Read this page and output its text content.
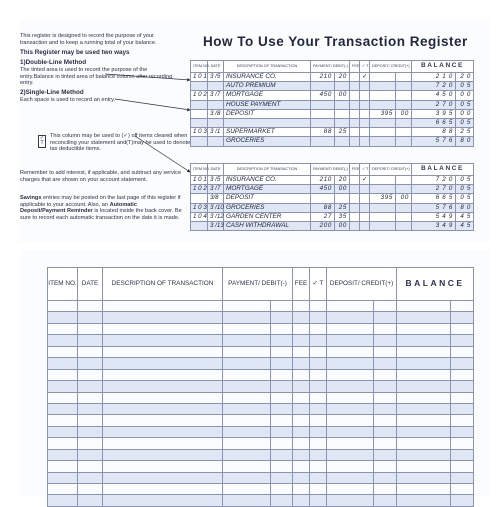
This register is designed to record the purpose of your transaction and to keep a running total of your balance.

This Register may be used two ways

1)Double-Line Method

The tinted area is used to record the purpose of the entry.Balance in tinted area of balance column after recording entry.

2)Single-Line Method

Each space is used to record an entry.

✓
T
This column may be used to (✓) off items cleared when reconciling your statement and(T)may be used to denote tax deductible items.
Remember to add interest, if applicable, and subtract any service charges that are shown on your account statement.
Savings entries may be posted on the last page of this register if applicable to your account. Also, an Automatic Deposit/Payment Reminder is located inside the back cover. Be sure to record each automatic transaction on the date it is made.
How To Use Your Transaction Register
ITEM NO.	DATE	DESCRIPTION OF TRANSACTION	PAYMENT/ DEBIT(-)		FEE	✓ T	DEPOSIT/ CREDIT(+)		BALANCE	
1 0 1	3 /5	INSURANCE CO.	210	20		✓			2 1 0	2 0
		AUTO PREMIUM							7 2 0	0 5
1 0 2	3 /7	MORTGAGE	450	00					4 5 0	0 0
		HOUSE PAYMENT							2 7 0	0 5
	3 /8	DEPOSIT					395	00	3 9 5	0 0
									6 6 5	0 5
1 0 3	3 /1	SUPERMARKET	88	25					8 8	2 5
		GROCERIES							5 7 6	8 0
ITEM NO.	DATE	DESCRIPTION OF TRANSACTION	PAYMENT/ DEBIT(-)		FEE	✓ T	DEPOSIT/ CREDIT(+)		BALANCE	
1 0 1	3 /5	INSURANCE CO.	210	20		✓			7 2 0	0 5
1 0 2	3 /7	MORTGAGE	450	00					2 7 0	0 5
	3/8	DEPOSIT					395	00	6 6 5	0 5
1 0 3	3 /10	GROCERIES	88	25					5 7 6	8 0
1 0 4	3 /12	GARDEN CENTER	27	35					5 4 9	4 5
	3 /13	CASH WITHDRAWAL	200	00					3 4 9	4 5
ITEM NO.	DATE	DESCRIPTION OF TRANSACTION	PAYMENT/ DEBIT(-)		FEE	✓ T	DEPOSIT/ CREDIT(+)		BALANCE	
